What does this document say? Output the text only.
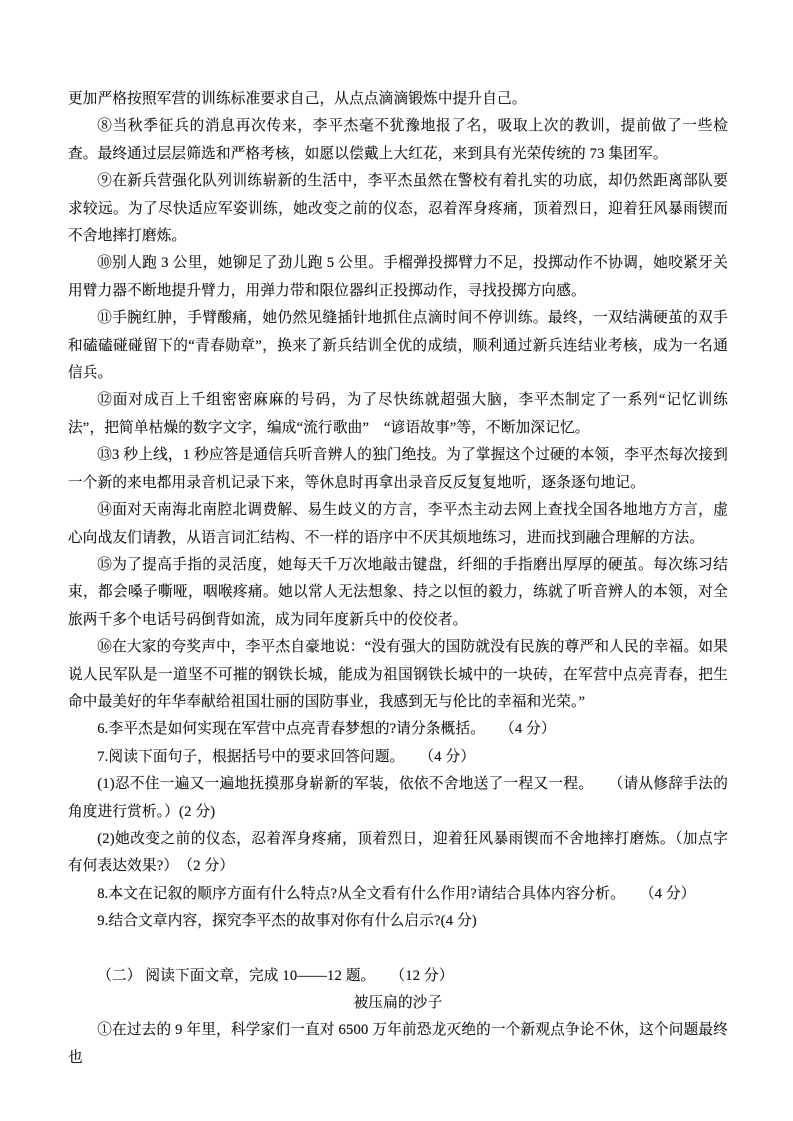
更加严格按照军营的训练标准要求自己，从点点滴滴锻炼中提升自己。

⑧当秋季征兵的消息再次传来，李平杰毫不犹豫地报了名，吸取上次的教训，提前做了一些检查。最终通过层层筛选和严格考核，如愿以偿戴上大红花，来到具有光荣传统的 73 集团军。

⑨在新兵营强化队列训练崭新的生活中，李平杰虽然在警校有着扎实的功底，却仍然距离部队要求较远。为了尽快适应军姿训练，她改变之前的仪态，忍着浑身疼痛，顶着烈日，迎着狂风暴雨锲而不舍地摔打磨炼。

⑩别人跑 3 公里，她铆足了劲儿跑 5 公里。手榴弹投掷臂力不足，投掷动作不协调，她咬紧牙关用臂力器不断地提升臂力，用弹力带和限位器纠正投掷动作，寻找投掷方向感。

⑪手腕红肿，手臂酸痛，她仍然见缝插针地抓住点滴时间不停训练。最终，一双结满硬茧的双手和磕磕碰碰留下的“青春勋章”，换来了新兵结训全优的成绩，顺利通过新兵连结业考核，成为一名通信兵。

⑫面对成百上千组密密麻麻的号码，为了尽快练就超强大脑，李平杰制定了一系列“记忆训练法”，把简单枯燥的数字文字，编成“流行歌曲”　“谚语故事”等，不断加深记忆。

⑬3 秒上线，1 秒应答是通信兵听音辨人的独门绝技。为了掌握这个过硬的本领，李平杰每次接到一个新的来电都用录音机记录下来，等休息时再拿出录音反反复复地听，逐条逐句地记。

⑭面对天南海北南腔北调费解、易生歧义的方言，李平杰主动去网上查找全国各地地方方言，虚心向战友们请教，从语言词汇结构、不一样的语序中不厌其烦地练习，进而找到融合理解的方法。

⑮为了提高手指的灵活度，她每天千万次地敲击键盘，纤细的手指磨出厚厚的硬茧。每次练习结束，都会嗓子嘶哑，咽喉疼痛。她以常人无法想象、持之以恒的毅力，练就了听音辨人的本领，对全旅两千多个电话号码倒背如流，成为同年度新兵中的佼佼者。

⑯在大家的夸奖声中，李平杰自豪地说：“没有强大的国防就没有民族的尊严和人民的幸福。如果说人民军队是一道坚不可摧的钢铁长城，能成为祖国钢铁长城中的一块砖，在军营中点亮青春，把生命中最美好的年华奉献给祖国壮丽的国防事业，我感到无与伦比的幸福和光荣。”

6.李平杰是如何实现在军营中点亮青春梦想的?请分条概括。　　（4 分）

7.阅读下面句子，根据括号中的要求回答问题。　　（4 分）

(1)忍不住一遍又一遍地抚摸那身崭新的军装，依依不舍地送了一程又一程。　　（请从修辞手法的角度进行赏析。）(2 分)

(2)她改变之前的仪态，忍着浑身疼痛，顶着烈日，迎着狂风暴雨锲而不舍地摔打磨炼。（加点字有何表达效果?）　（2 分）

8.本文在记叙的顺序方面有什么特点?从全文看有什么作用?请结合具体内容分析。　　（4 分）

9.结合文章内容，探究李平杰的故事对你有什么启示?(4 分)

（二） 阅读下面文章，完成 10——12 题。　　（12 分）

被压扁的沙子

①在过去的 9 年里，科学家们一直对 6500 万年前恐龙灭绝的一个新观点争论不休，这个问题最终也
